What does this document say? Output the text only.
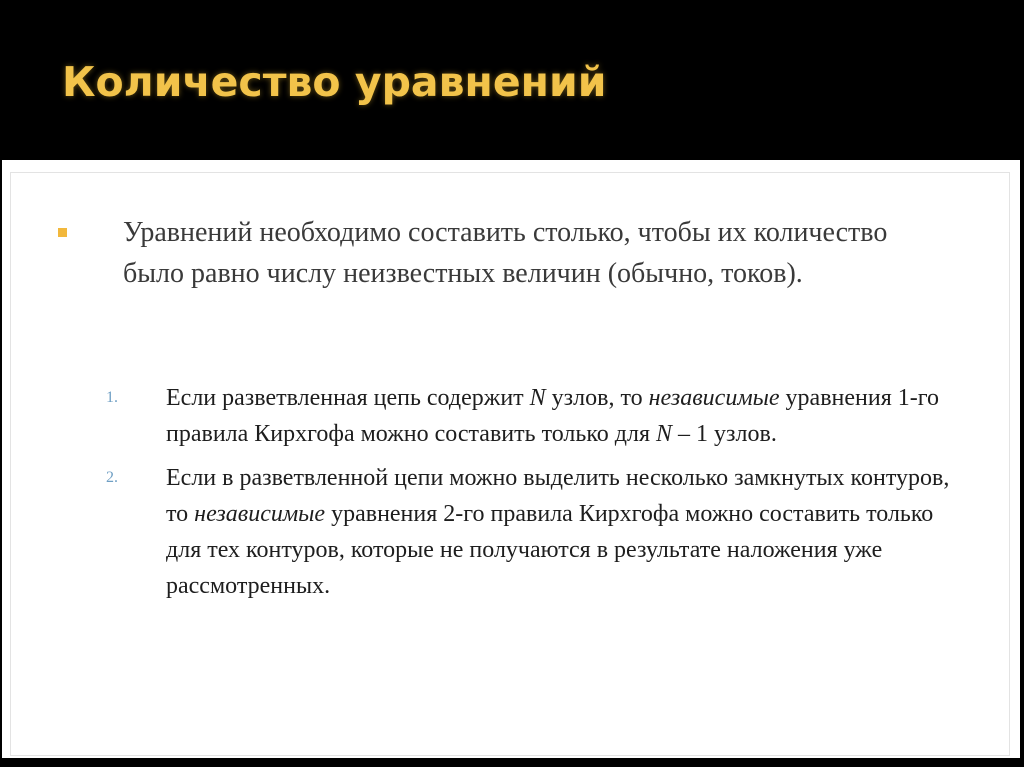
Количество уравнений

Уравнений необходимо составить столько, чтобы их количество было равно числу неизвестных величин (обычно, токов).

1. Если разветвленная цепь содержит N узлов, то независимые уравнения 1-го правила Кирхгофа можно составить только для N – 1 узлов.

2. Если в разветвленной цепи можно выделить несколько замкнутых контуров, то независимые уравнения 2-го правила Кирхгофа можно составить только для тех контуров, которые не получаются в результате наложения уже рассмотренных.
